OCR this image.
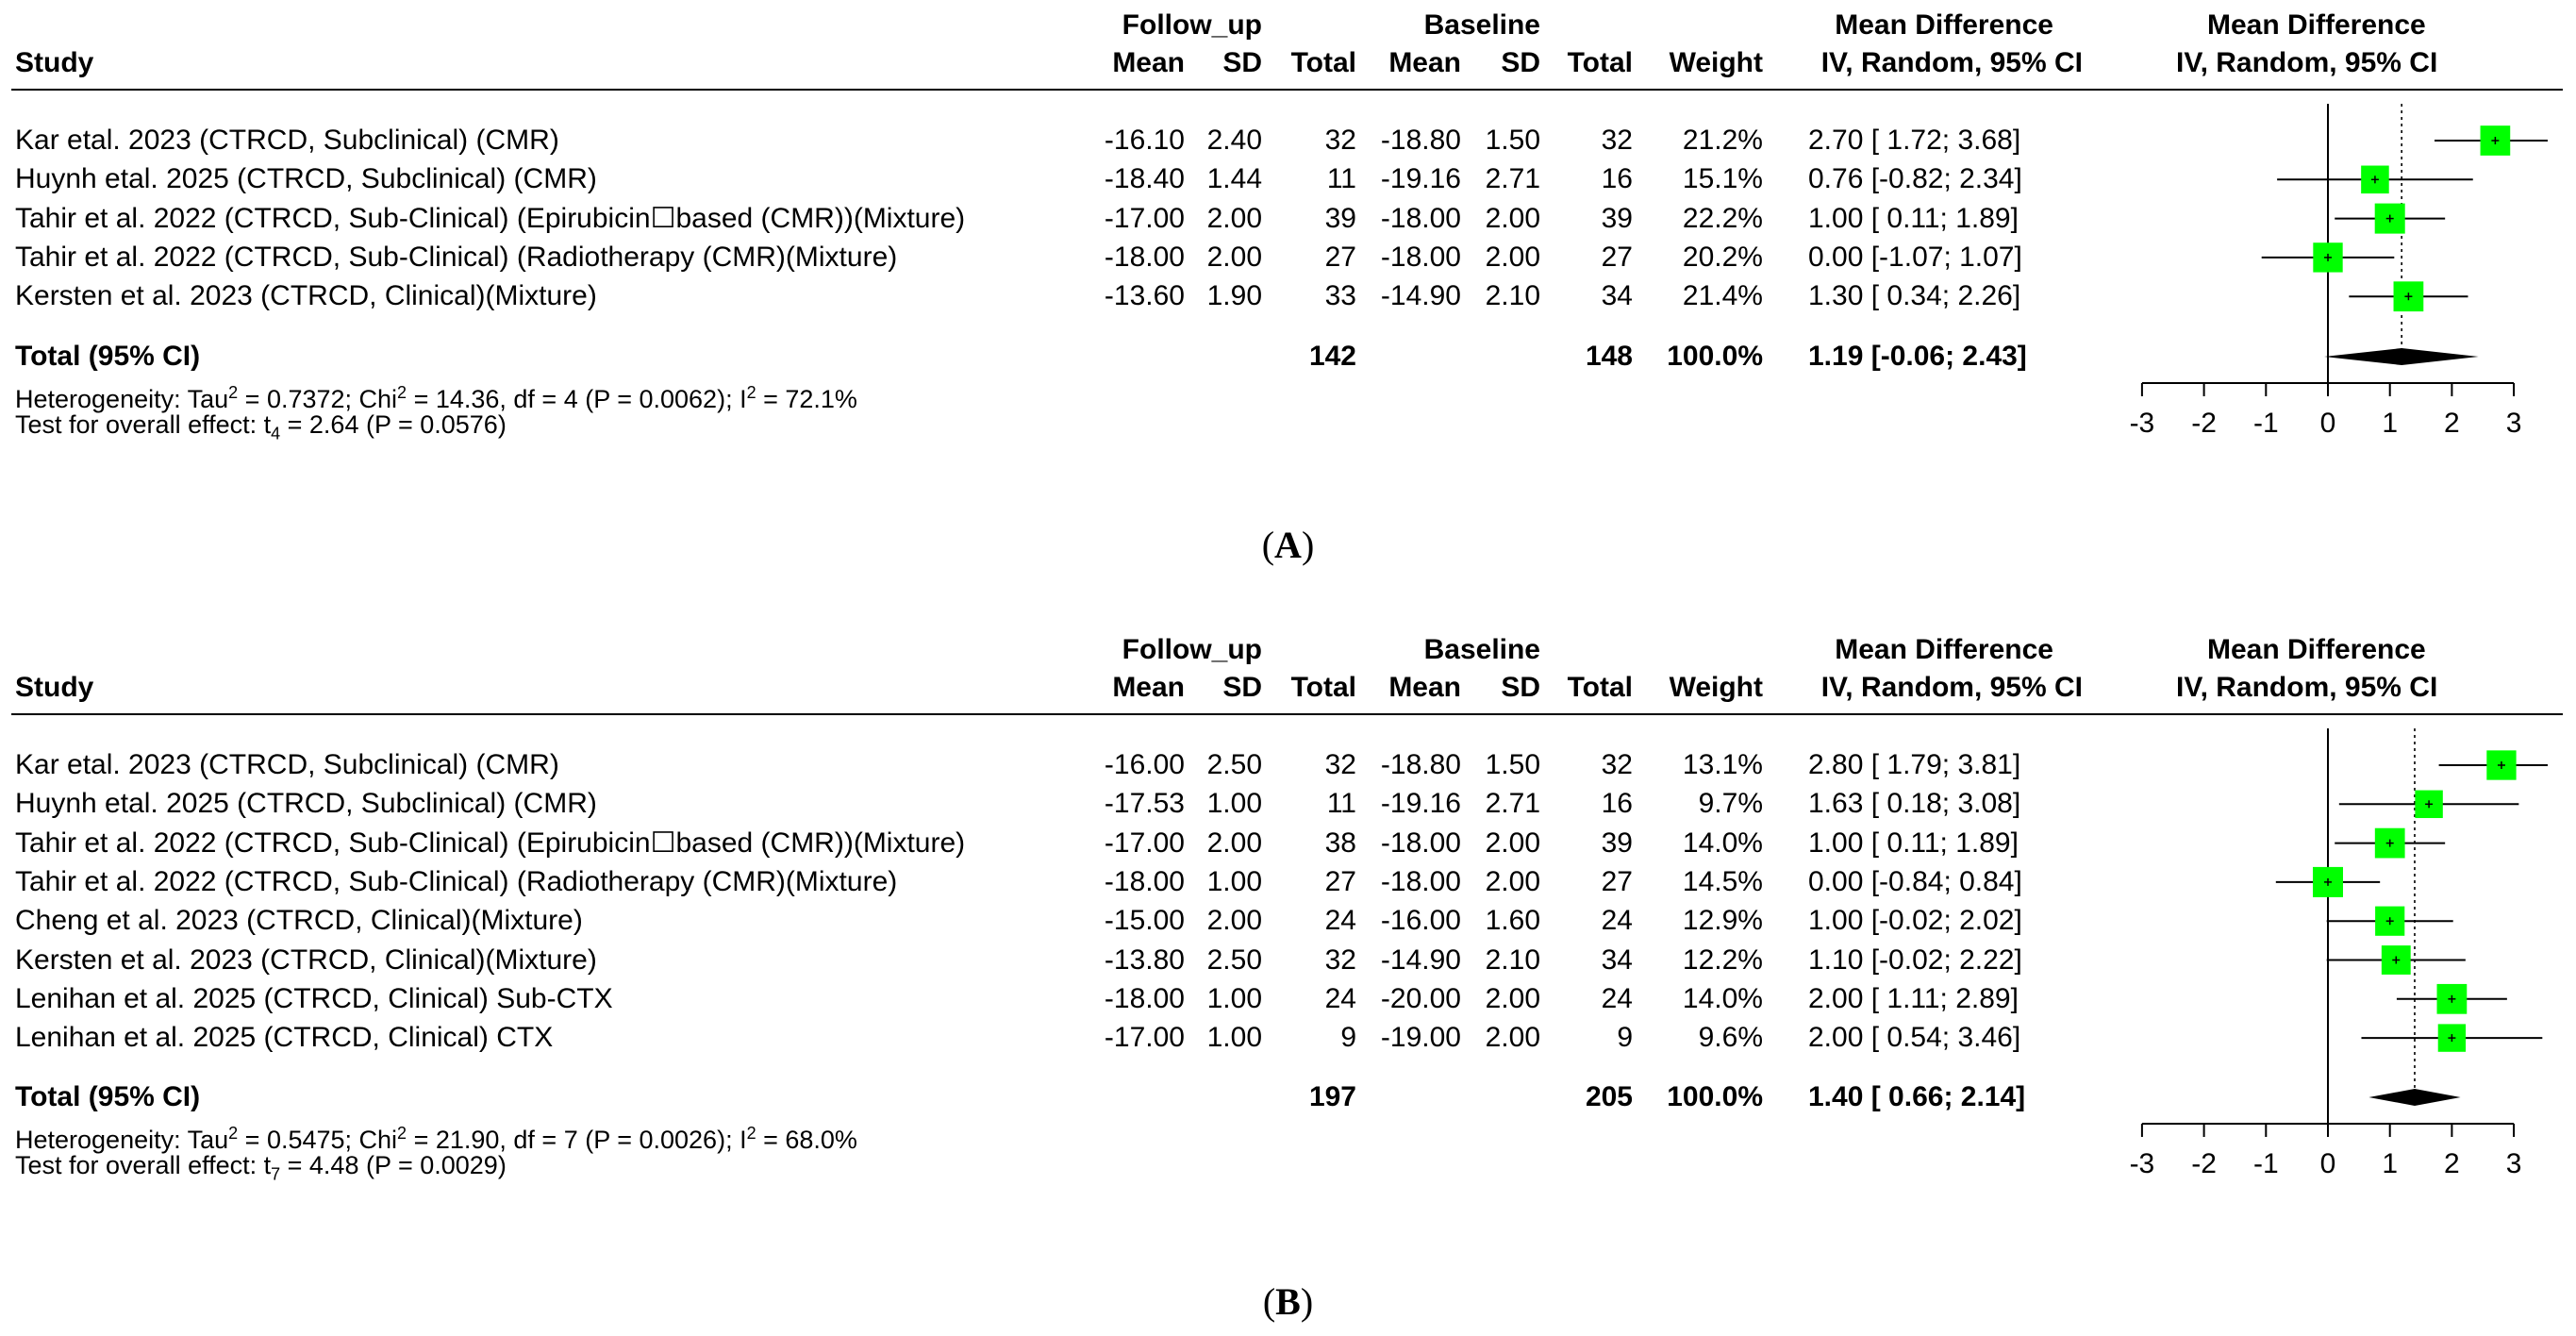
Follow_up	Baseline	Mean Difference	Mean Difference
Study	Mean SD Total Mean SD Total Weight IV, Random, 95% CI	IV, Random, 95% CI
Kar etal. 2023 (CTRCD, Subclinical) (CMR)	-16.10 2.40 32 -18.80 1.50 32 21.2% 2.70 [ 1.72; 3.68]
Huynh etal. 2025 (CTRCD, Subclinical) (CMR)	-18.40 1.44 11 -19.16 2.71 16 15.1% 0.76 [-0.82; 2.34]
Tahir et al. 2022 (CTRCD, Sub-Clinical) (Epirubicin☐based (CMR))(Mixture)	-17.00 2.00 39 -18.00 2.00 39 22.2% 1.00 [ 0.11; 1.89]
Tahir et al. 2022 (CTRCD, Sub-Clinical) (Radiotherapy (CMR)(Mixture)	-18.00 2.00 27 -18.00 2.00 27 20.2% 0.00 [-1.07; 1.07]
Kersten et al. 2023 (CTRCD, Clinical)(Mixture)	-13.60 1.90 33 -14.90 2.10 34 21.4% 1.30 [ 0.34; 2.26]
Total (95% CI)	142	148 100.0% 1.19 [-0.06; 2.43]
Heterogeneity: Tau$^2$ = 0.7372; Chi$^2$ = 14.36, df = 4 (P = 0.0062); $I^2 = 72.1\%$
Test for overall effect: $t_4 = 2.64$ (P = 0.0576)	-3 -2 -1 0 1 2 3
(A)
Follow_up	Baseline	Mean Difference	Mean Difference
Study	Mean SD Total Mean SD Total Weight IV, Random, 95% CI	IV, Random, 95% CI
Kar etal. 2023 (CTRCD, Subclinical) (CMR)	-16.00 2.50 32 -18.80 1.50 32 13.1% 2.80 [ 1.79; 3.81]
Huynh etal. 2025 (CTRCD, Subclinical) (CMR)	-17.53 1.00 11 -19.16 2.71 16 9.7% 1.63 [ 0.18; 3.08]
Tahir et al. 2022 (CTRCD, Sub-Clinical) (Epirubicin☐based (CMR))(Mixture)	-17.00 2.00 38 -18.00 2.00 39 14.0% 1.00 [ 0.11; 1.89]
Tahir et al. 2022 (CTRCD, Sub-Clinical) (Radiotherapy (CMR)(Mixture)	-18.00 1.00 27 -18.00 2.00 27 14.5% 0.00 [-0.84; 0.84]
Cheng et al. 2023 (CTRCD, Clinical)(Mixture)	-15.00 2.00 24 -16.00 1.60 24 12.9% 1.00 [-0.02; 2.02]
Kersten et al. 2023 (CTRCD, Clinical)(Mixture)	-13.80 2.50 32 -14.90 2.10 34 12.2% 1.10 [-0.02; 2.22]
Lenihan et al. 2025 (CTRCD, Clinical) Sub-CTX	-18.00 1.00 24 -20.00 2.00 24 14.0% 2.00 [ 1.11; 2.89]
Lenihan et al. 2025 (CTRCD, Clinical) CTX	-17.00 1.00	9 -19.00 2.00	9 9.6% 2.00 [ 0.54; 3.46]
Total (95% CI)	197	205 100.0% 1.40 [ 0.66; 2.14]
Heterogeneity: Tau$^2$ = 0.5475; Chi$^2$ = 21.90, df = 7 (P = 0.0026); $I^2 = 68.0\%$
Test for overall effect: $t_7 = 4.48$ (P = 0.0029)	-3 -2 -1 0 1 2 3
(B)
